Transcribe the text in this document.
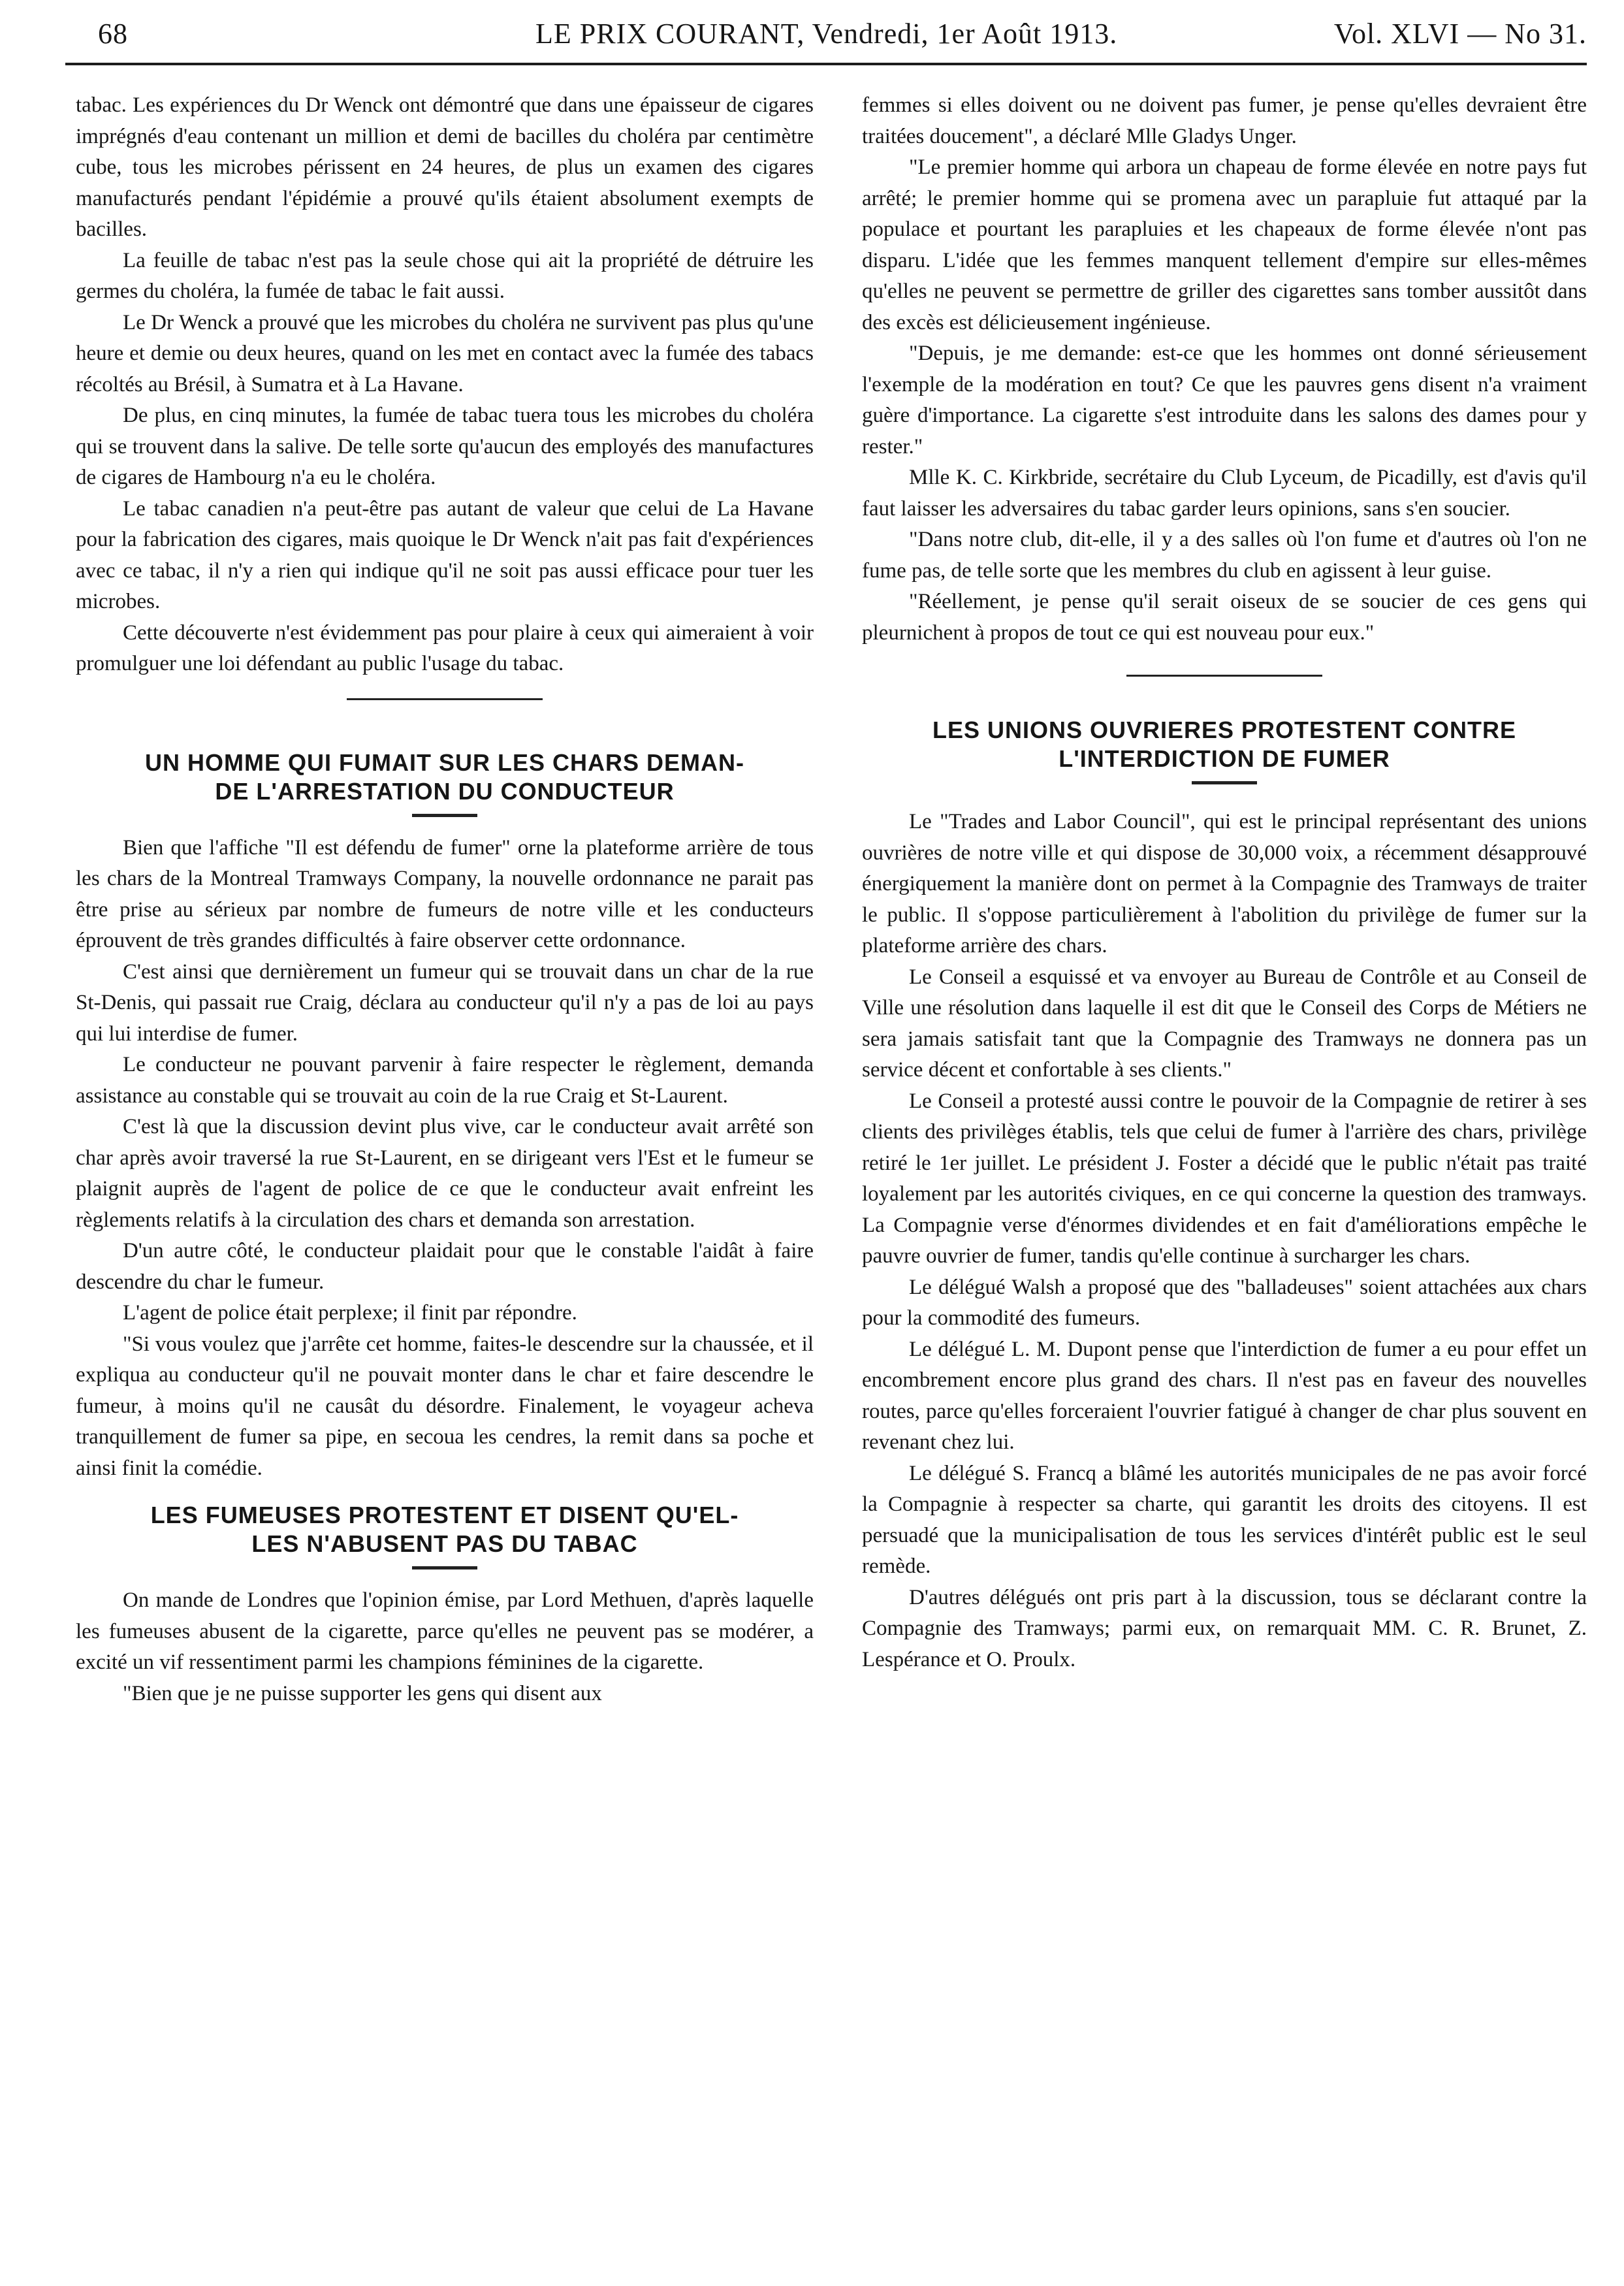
68	LE PRIX COURANT, Vendredi, 1er Août 1913.	Vol. XLVI — No 31.

tabac. Les expériences du Dr Wenck ont démontré que dans une épaisseur de cigares imprégnés d'eau contenant un million et demi de bacilles du choléra par centimètre cube, tous les microbes périssent en 24 heures, de plus un examen des cigares manufacturés pendant l'épidémie a prouvé qu'ils étaient absolument exempts de bacilles.

La feuille de tabac n'est pas la seule chose qui ait la propriété de détruire les germes du choléra, la fumée de tabac le fait aussi.

Le Dr Wenck a prouvé que les microbes du choléra ne survivent pas plus qu'une heure et demie ou deux heures, quand on les met en contact avec la fumée des tabacs récoltés au Brésil, à Sumatra et à La Havane.

De plus, en cinq minutes, la fumée de tabac tuera tous les microbes du choléra qui se trouvent dans la salive. De telle sorte qu'aucun des employés des manufactures de cigares de Hambourg n'a eu le choléra.

Le tabac canadien n'a peut-être pas autant de valeur que celui de La Havane pour la fabrication des cigares, mais quoique le Dr Wenck n'ait pas fait d'expériences avec ce tabac, il n'y a rien qui indique qu'il ne soit pas aussi efficace pour tuer les microbes.

Cette découverte n'est évidemment pas pour plaire à ceux qui aimeraient à voir promulguer une loi défendant au public l'usage du tabac.

UN HOMME QUI FUMAIT SUR LES CHARS DEMAN-
DE L'ARRESTATION DU CONDUCTEUR

Bien que l'affiche "Il est défendu de fumer" orne la plateforme arrière de tous les chars de la Montreal Tramways Company, la nouvelle ordonnance ne parait pas être prise au sérieux par nombre de fumeurs de notre ville et les conducteurs éprouvent de très grandes difficultés à faire observer cette ordonnance.

C'est ainsi que dernièrement un fumeur qui se trouvait dans un char de la rue St-Denis, qui passait rue Craig, déclara au conducteur qu'il n'y a pas de loi au pays qui lui interdise de fumer.

Le conducteur ne pouvant parvenir à faire respecter le règlement, demanda assistance au constable qui se trouvait au coin de la rue Craig et St-Laurent.

C'est là que la discussion devint plus vive, car le conducteur avait arrêté son char après avoir traversé la rue St-Laurent, en se dirigeant vers l'Est et le fumeur se plaignit auprès de l'agent de police de ce que le conducteur avait enfreint les règlements relatifs à la circulation des chars et demanda son arrestation.

D'un autre côté, le conducteur plaidait pour que le constable l'aidât à faire descendre du char le fumeur.

L'agent de police était perplexe; il finit par répondre.

"Si vous voulez que j'arrête cet homme, faites-le descendre sur la chaussée, et il expliqua au conducteur qu'il ne pouvait monter dans le char et faire descendre le fumeur, à moins qu'il ne causât du désordre. Finalement, le voyageur acheva tranquillement de fumer sa pipe, en secoua les cendres, la remit dans sa poche et ainsi finit la comédie.

LES FUMEUSES PROTESTENT ET DISENT QU'EL-
LES N'ABUSENT PAS DU TABAC

On mande de Londres que l'opinion émise, par Lord Methuen, d'après laquelle les fumeuses abusent de la cigarette, parce qu'elles ne peuvent pas se modérer, a excité un vif ressentiment parmi les champions féminines de la cigarette.

"Bien que je ne puisse supporter les gens qui disent aux

femmes si elles doivent ou ne doivent pas fumer, je pense qu'elles devraient être traitées doucement", a déclaré Mlle Gladys Unger.

"Le premier homme qui arbora un chapeau de forme élevée en notre pays fut arrêté; le premier homme qui se promena avec un parapluie fut attaqué par la populace et pourtant les parapluies et les chapeaux de forme élevée n'ont pas disparu. L'idée que les femmes manquent tellement d'empire sur elles-mêmes qu'elles ne peuvent se permettre de griller des cigarettes sans tomber aussitôt dans des excès est délicieusement ingénieuse.

"Depuis, je me demande: est-ce que les hommes ont donné sérieusement l'exemple de la modération en tout? Ce que les pauvres gens disent n'a vraiment guère d'importance. La cigarette s'est introduite dans les salons des dames pour y rester."

Mlle K. C. Kirkbride, secrétaire du Club Lyceum, de Picadilly, est d'avis qu'il faut laisser les adversaires du tabac garder leurs opinions, sans s'en soucier.

"Dans notre club, dit-elle, il y a des salles où l'on fume et d'autres où l'on ne fume pas, de telle sorte que les membres du club en agissent à leur guise.

"Réellement, je pense qu'il serait oiseux de se soucier de ces gens qui pleurnichent à propos de tout ce qui est nouveau pour eux."

LES UNIONS OUVRIERES PROTESTENT CONTRE
L'INTERDICTION DE FUMER

Le "Trades and Labor Council", qui est le principal représentant des unions ouvrières de notre ville et qui dispose de 30,000 voix, a récemment désapprouvé énergiquement la manière dont on permet à la Compagnie des Tramways de traiter le public. Il s'oppose particulièrement à l'abolition du privilège de fumer sur la plateforme arrière des chars.

Le Conseil a esquissé et va envoyer au Bureau de Contrôle et au Conseil de Ville une résolution dans laquelle il est dit que le Conseil des Corps de Métiers ne sera jamais satisfait tant que la Compagnie des Tramways ne donnera pas un service décent et confortable à ses clients."

Le Conseil a protesté aussi contre le pouvoir de la Compagnie de retirer à ses clients des privilèges établis, tels que celui de fumer à l'arrière des chars, privilège retiré le 1er juillet. Le président J. Foster a décidé que le public n'était pas traité loyalement par les autorités civiques, en ce qui concerne la question des tramways. La Compagnie verse d'énormes dividendes et en fait d'améliorations empêche le pauvre ouvrier de fumer, tandis qu'elle continue à surcharger les chars.

Le délégué Walsh a proposé que des "balladeuses" soient attachées aux chars pour la commodité des fumeurs.

Le délégué L. M. Dupont pense que l'interdiction de fumer a eu pour effet un encombrement encore plus grand des chars. Il n'est pas en faveur des nouvelles routes, parce qu'elles forceraient l'ouvrier fatigué à changer de char plus souvent en revenant chez lui.

Le délégué S. Francq a blâmé les autorités municipales de ne pas avoir forcé la Compagnie à respecter sa charte, qui garantit les droits des citoyens. Il est persuadé que la municipalisation de tous les services d'intérêt public est le seul remède.

D'autres délégués ont pris part à la discussion, tous se déclarant contre la Compagnie des Tramways; parmi eux, on remarquait MM. C. R. Brunet, Z. Lespérance et O. Proulx.
